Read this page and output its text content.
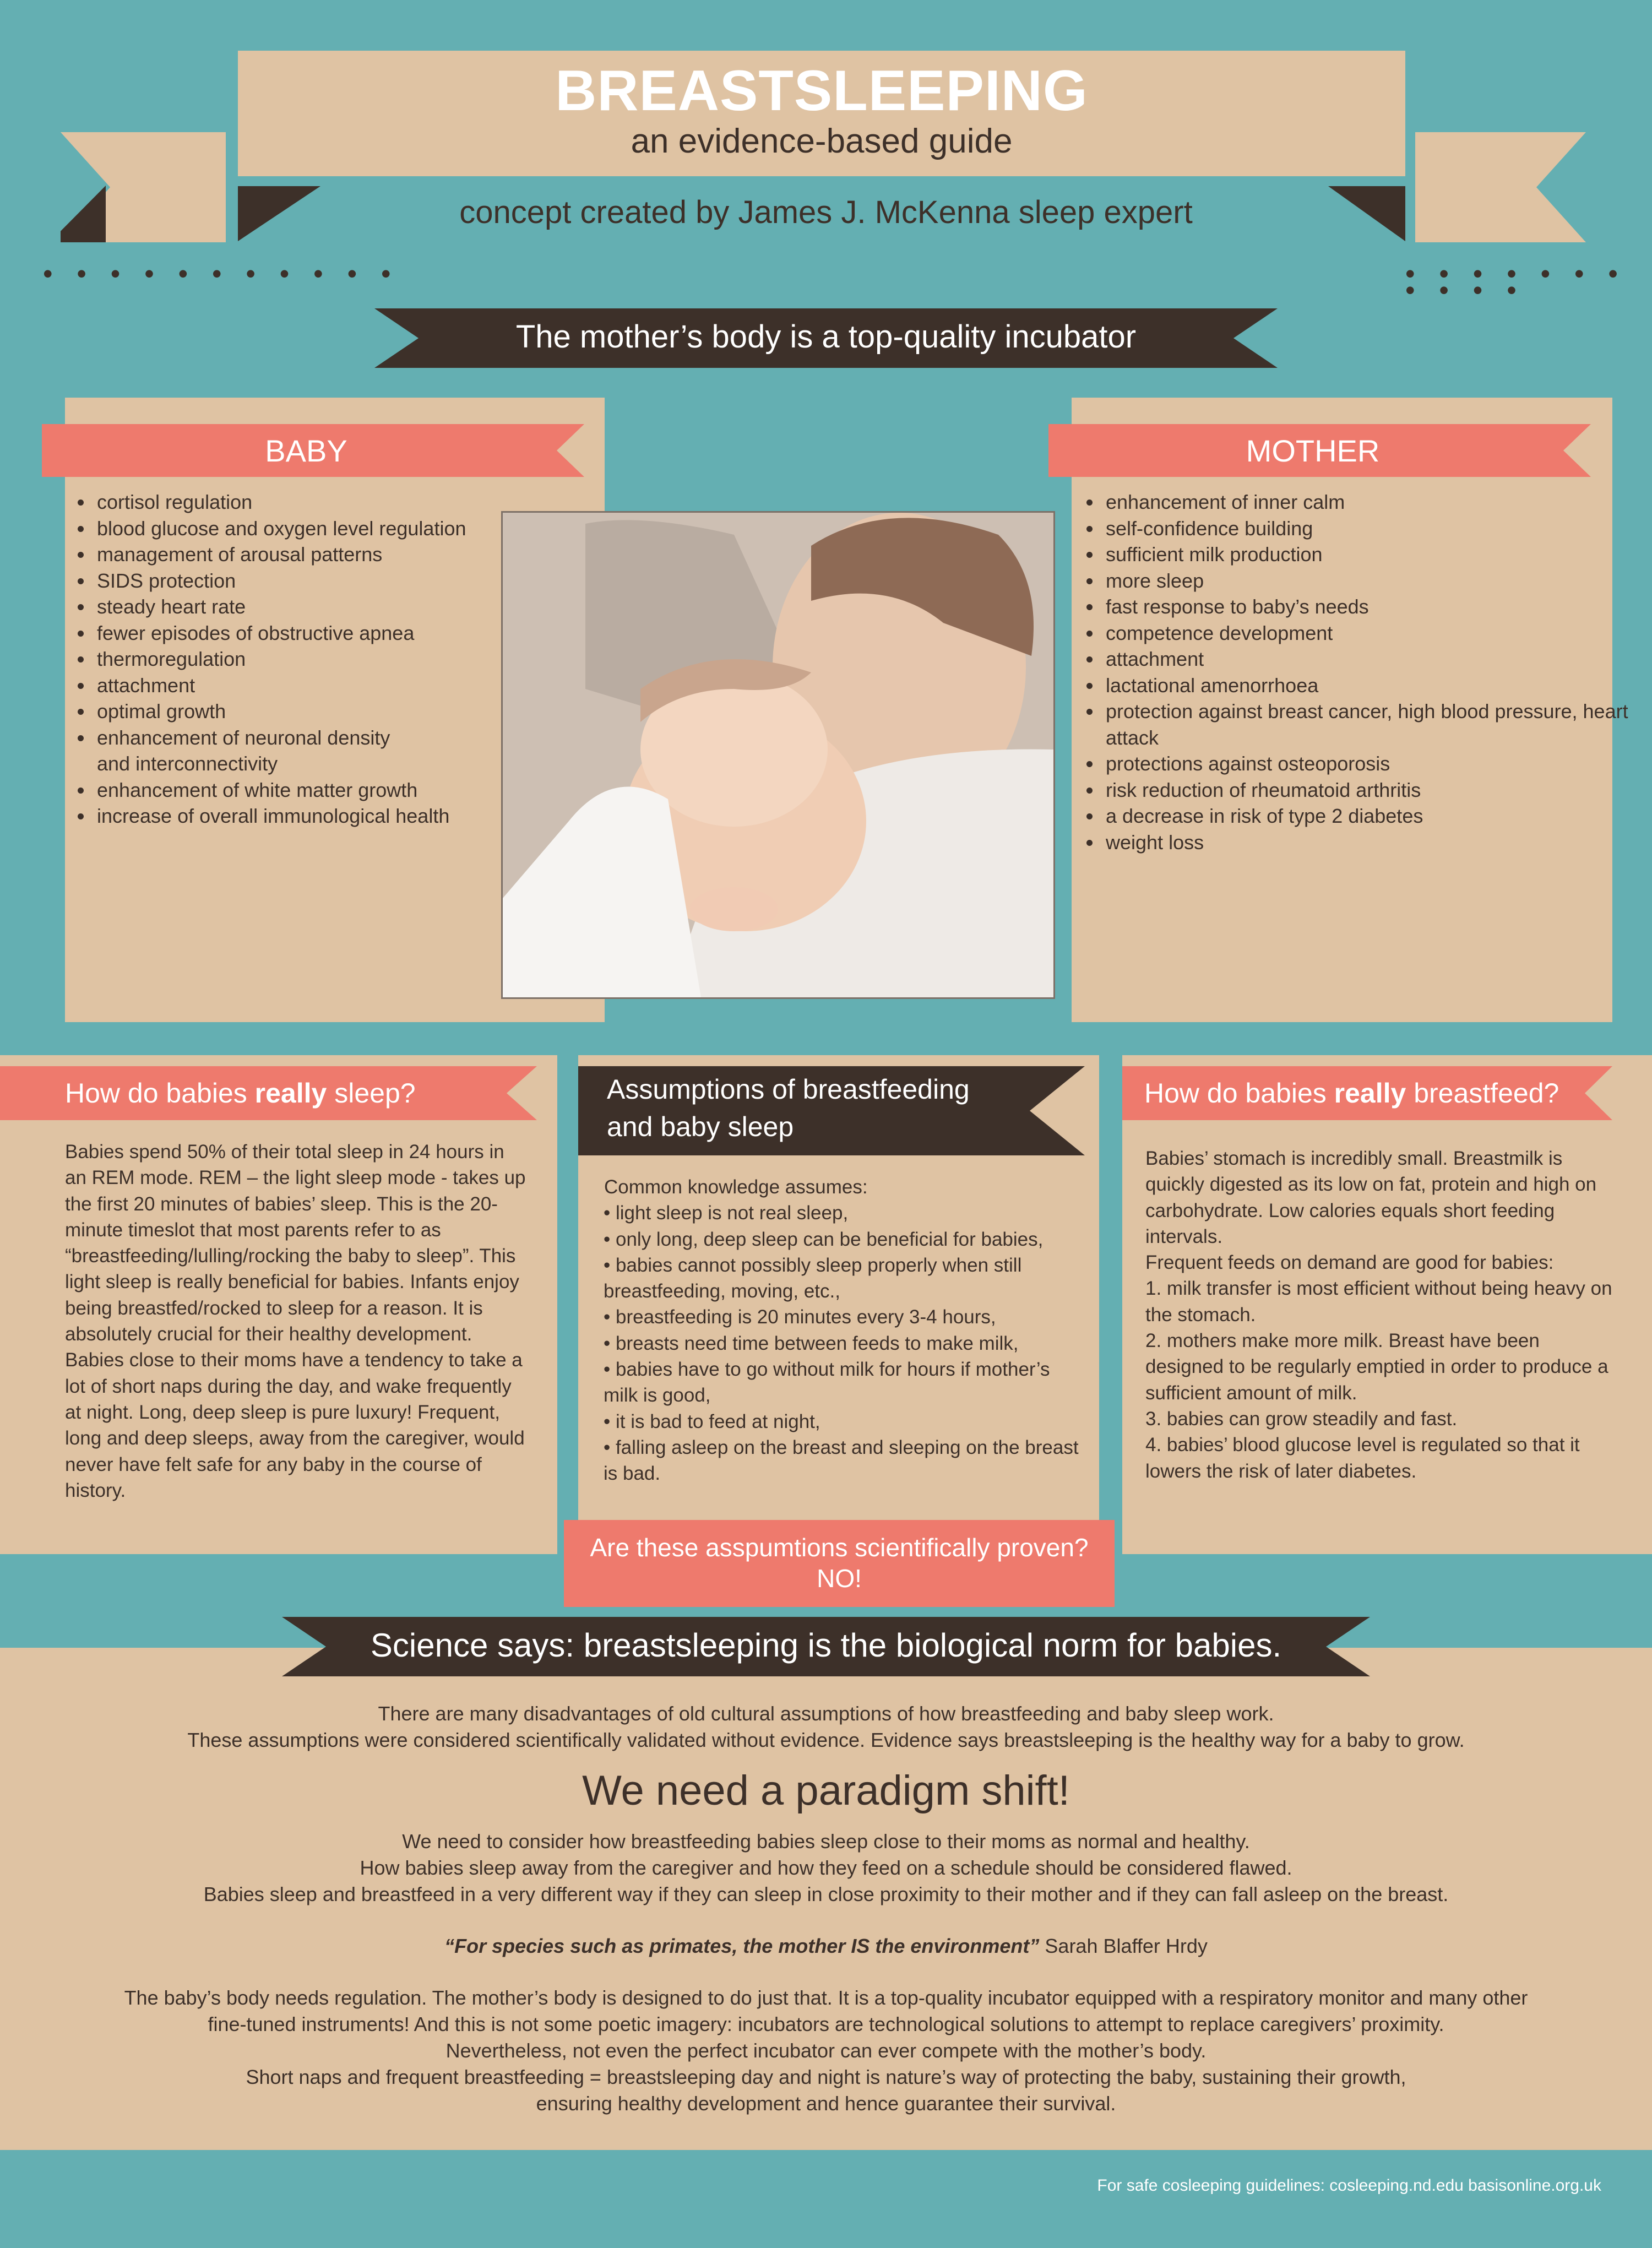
BREASTSLEEPING
an evidence-based guide
concept created by James J. McKenna sleep expert
• • • • • • • • • • •	• • • • • • • • • • •
The mother’s body is a top-quality incubator
BABY
• cortisol regulation
• blood glucose and oxygen level regulation
• management of arousal patterns
• SIDS protection
• steady heart rate
• fewer episodes of obstructive apnea
• thermoregulation
• attachment
• optimal growth
• enhancement of neuronal density and interconnectivity
• enhancement of white matter growth
• increase of overall immunological health
MOTHER
• enhancement of inner calm
• self-confidence building
• sufficient milk production
• more sleep
• fast response to baby’s needs
• competence development
• attachment
• lactational amenorrhoea
• protection against breast cancer, high blood pressure, heart attack
• protections against osteoporosis
• risk reduction of rheumatoid arthritis
• a decrease in risk of type 2 diabetes
• weight loss
How do babies really sleep?
Babies spend 50% of their total sleep in 24 hours in an REM mode. REM – the light sleep mode - takes up the first 20 minutes of babies’ sleep. This is the 20-minute timeslot that most parents refer to as “breastfeeding/lulling/rocking the baby to sleep”. This light sleep is really beneficial for babies. Infants enjoy being breastfed/rocked to sleep for a reason. It is absolutely crucial for their healthy development.
Babies close to their moms have a tendency to take a lot of short naps during the day, and wake frequently at night. Long, deep sleep is pure luxury! Frequent, long and deep sleeps, away from the caregiver, would never have felt safe for any baby in the course of history.
Assumptions of breastfeeding and baby sleep
Common knowledge assumes:
• light sleep is not real sleep,
• only long, deep sleep can be beneficial for babies,
• babies cannot possibly sleep properly when still breastfeeding, moving, etc.,
• breastfeeding is 20 minutes every 3-4 hours,
• breasts need time between feeds to make milk,
• babies have to go without milk for hours if mother’s milk is good,
• it is bad to feed at night,
• falling asleep on the breast and sleeping on the breast is bad.
Are these asspumtions scientifically proven?
NO!
How do babies really breastfeed?
Babies’ stomach is incredibly small. Breastmilk is quickly digested as its low on fat, protein and high on carbohydrate. Low calories equals short feeding intervals.
Frequent feeds on demand are good for babies:
1. milk transfer is most efficient without being heavy on the stomach.
2. mothers make more milk. Breast have been designed to be regularly emptied in order to produce a sufficient amount of milk.
3. babies can grow steadily and fast.
4. babies’ blood glucose level is regulated so that it lowers the risk of later diabetes.
Science says: breastsleeping is the biological norm for babies.
There are many disadvantages of old cultural assumptions of how breastfeeding and baby sleep work.
These assumptions were considered scientifically validated without evidence. Evidence says breastsleeping is the healthy way for a baby to grow.
We need a paradigm shift!
We need to consider how breastfeeding babies sleep close to their moms as normal and healthy.
How babies sleep away from the caregiver and how they feed on a schedule should be considered flawed.
Babies sleep and breastfeed in a very different way if they can sleep in close proximity to their mother and if they can fall asleep on the breast.
“For species such as primates, the mother IS the environment” Sarah Blaffer Hrdy
The baby’s body needs regulation. The mother’s body is designed to do just that. It is a top-quality incubator equipped with a respiratory monitor and many other
fine-tuned instruments! And this is not some poetic imagery: incubators are technological solutions to attempt to replace caregivers’ proximity.
Nevertheless, not even the perfect incubator can ever compete with the mother’s body.
Short naps and frequent breastfeeding = breastsleeping day and night is nature’s way of protecting the baby, sustaining their growth,
ensuring healthy development and hence guarantee their survival.
For safe cosleeping guidelines: cosleeping.nd.edu basisonline.org.uk
